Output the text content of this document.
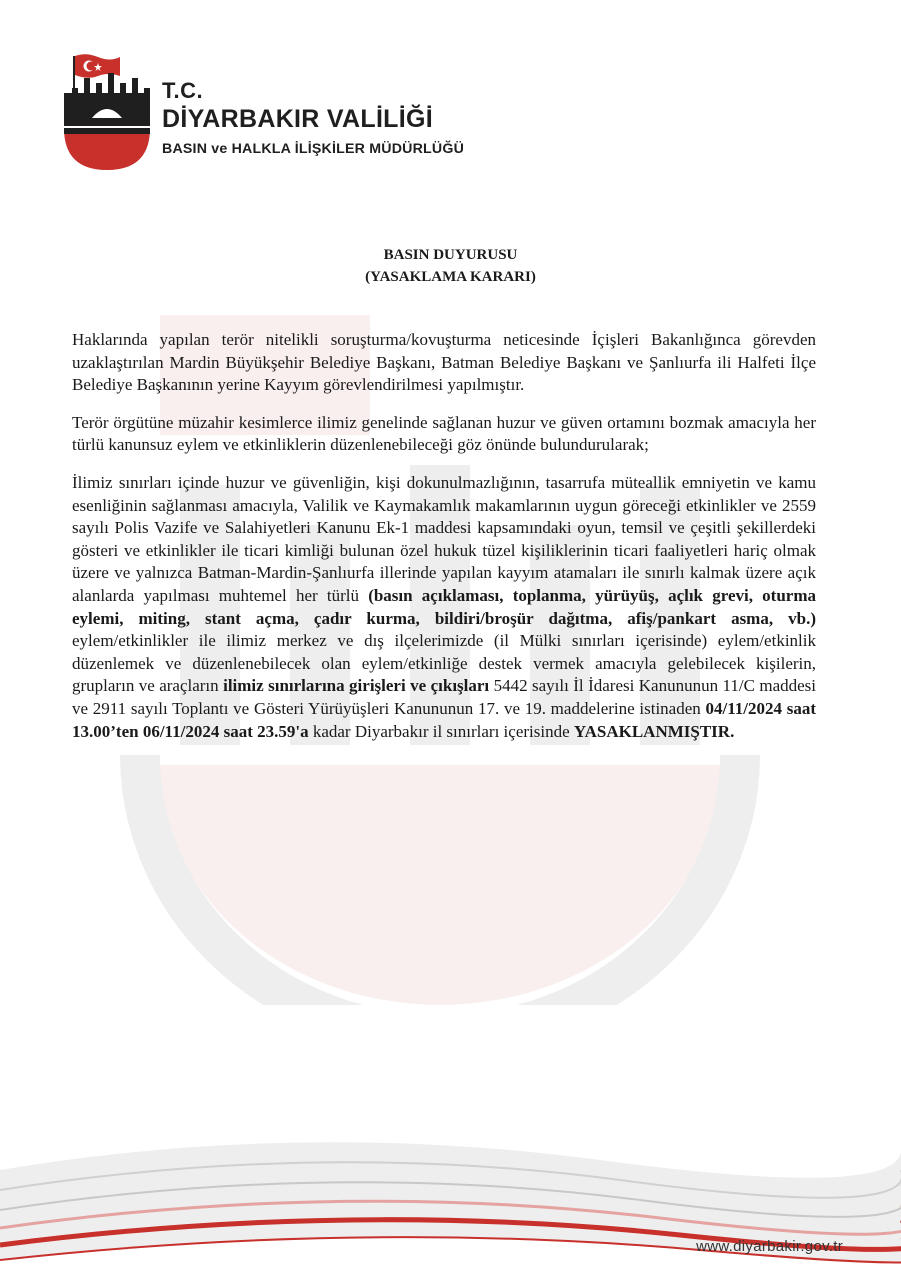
T.C.
DİYARBAKIR VALİLİĞİ
BASIN ve HALKLA İLİŞKİLER MÜDÜRLÜĞÜ
BASIN DUYURUSU
(YASAKLAMA KARARI)

Haklarında yapılan terör nitelikli soruşturma/kovuşturma neticesinde İçişleri Bakanlığınca görevden uzaklaştırılan Mardin Büyükşehir Belediye Başkanı, Batman Belediye Başkanı ve Şanlıurfa ili Halfeti İlçe Belediye Başkanının yerine Kayyım görevlendirilmesi yapılmıştır.

Terör örgütüne müzahir kesimlerce ilimiz genelinde sağlanan huzur ve güven ortamını bozmak amacıyla her türlü kanunsuz eylem ve etkinliklerin düzenlenebileceği göz önünde bulundurularak;

İlimiz sınırları içinde huzur ve güvenliğin, kişi dokunulmazlığının, tasarrufa müteallik emniyetin ve kamu esenliğinin sağlanması amacıyla, Valilik ve Kaymakamlık makamlarının uygun göreceği etkinlikler ve 2559 sayılı Polis Vazife ve Salahiyetleri Kanunu Ek-1 maddesi kapsamındaki oyun, temsil ve çeşitli şekillerdeki gösteri ve etkinlikler ile ticari kimliği bulunan özel hukuk tüzel kişiliklerinin ticari faaliyetleri hariç olmak üzere ve yalnızca Batman-Mardin-Şanlıurfa illerinde yapılan kayyım atamaları ile sınırlı kalmak üzere açık alanlarda yapılması muhtemel her türlü (basın açıklaması, toplanma, yürüyüş, açlık grevi, oturma eylemi, miting, stant açma, çadır kurma, bildiri/broşür dağıtma, afiş/pankart asma, vb.) eylem/etkinlikler ile ilimiz merkez ve dış ilçelerimizde (il Mülki sınırları içerisinde) eylem/etkinlik düzenlemek ve düzenlenebilecek olan eylem/etkinliğe destek vermek amacıyla gelebilecek kişilerin, grupların ve araçların ilimiz sınırlarına girişleri ve çıkışları 5442 sayılı İl İdaresi Kanununun 11/C maddesi ve 2911 sayılı Toplantı ve Gösteri Yürüyüşleri Kanununun 17. ve 19. maddelerine istinaden 04/11/2024 saat 13.00’ten 06/11/2024 saat 23.59'a kadar Diyarbakır il sınırları içerisinde YASAKLANMIŞTIR.

www.diyarbakir.gov.tr
